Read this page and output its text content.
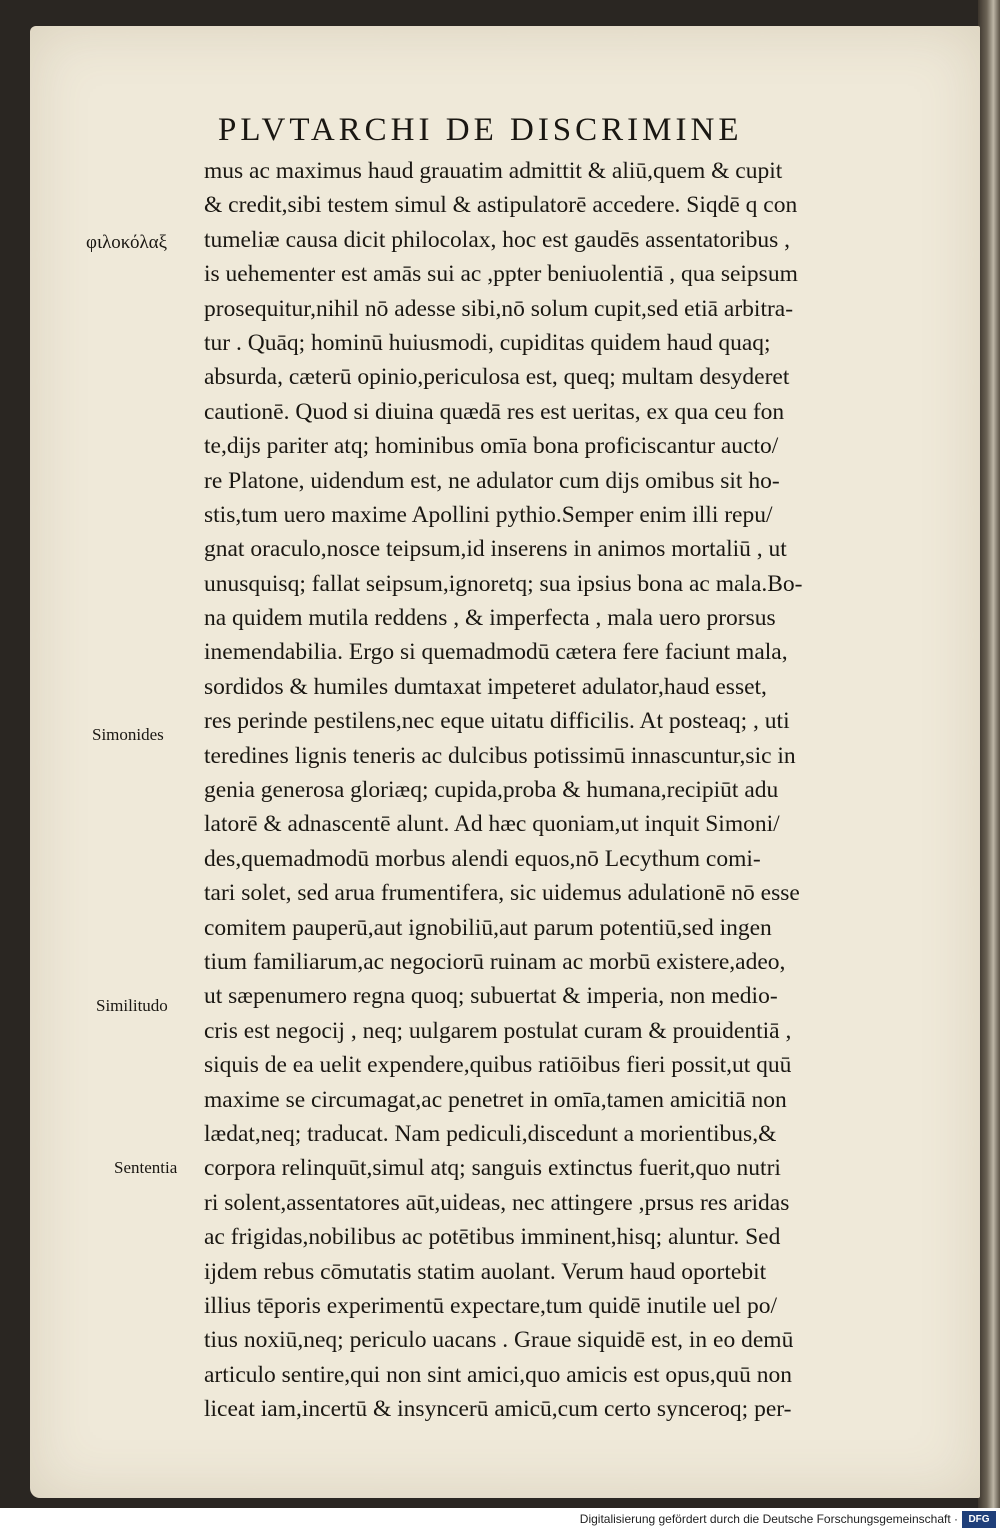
PLVTARCHI DE DISCRIMINE
φιλοκόλαξ
Simonides
Similitudo
Sententia
mus ac maximus haud grauatim admittit & aliū,quem & cupit
& credit,sibi testem simul & astipulatorē accedere. Siqdē q con
tumeliæ causa dicit philocolax, hoc est gaudēs assentatoribus ,
is uehementer est amās sui ac ,ppter beniuolentiā , qua seipsum
prosequitur,nihil nō adesse sibi,nō solum cupit,sed etiā arbitra-
tur . Quāq; hominū huiusmodi, cupiditas quidem haud quaq;
absurda, cæterū opinio,periculosa est, queq; multam desyderet
cautionē. Quod si diuina quædā res est ueritas, ex qua ceu fon
te,dijs pariter atq; hominibus omīa bona proficiscantur aucto/
re Platone, uidendum est, ne adulator cum dijs omibus sit ho-
stis,tum uero maxime Apollini pythio.Semper enim illi repu/
gnat oraculo,nosce teipsum,id inserens in animos mortaliū , ut
unusquisq; fallat seipsum,ignoretq; sua ipsius bona ac mala.Bo-
na quidem mutila reddens , & imperfecta , mala uero prorsus
inemendabilia. Ergo si quemadmodū cætera fere faciunt mala,
sordidos & humiles dumtaxat impeteret adulator,haud esset,
res perinde pestilens,nec eque uitatu difficilis. At posteaq; , uti
teredines lignis teneris ac dulcibus potissimū innascuntur,sic in
genia generosa gloriæq; cupida,proba & humana,recipiūt adu
latorē & adnascentē alunt. Ad hæc quoniam,ut inquit Simoni/
des,quemadmodū morbus alendi equos,nō Lecythum comi-
tari solet, sed arua frumentifera, sic uidemus adulationē nō esse
comitem pauperū,aut ignobiliū,aut parum potentiū,sed ingen
tium familiarum,ac negociorū ruinam ac morbū existere,adeo,
ut sæpenumero regna quoq; subuertat & imperia, non medio-
cris est negocij , neq; uulgarem postulat curam & prouidentiā ,
siquis de ea uelit expendere,quibus ratiōibus fieri possit,ut quū
maxime se circumagat,ac penetret in omīa,tamen amicitiā non
lædat,neq; traducat. Nam pediculi,discedunt a morientibus,&
corpora relinquūt,simul atq; sanguis extinctus fuerit,quo nutri
ri solent,assentatores aūt,uideas, nec attingere ,prsus res aridas
ac frigidas,nobilibus ac potētibus imminent,hisq; aluntur. Sed
ijdem rebus cōmutatis statim auolant. Verum haud oportebit
illius tēporis experimentū expectare,tum quidē inutile uel po/
tius noxiū,neq; periculo uacans . Graue siquidē est, in eo demū
articulo sentire,qui non sint amici,quo amicis est opus,quū non
liceat iam,incertū & insyncerū amicū,cum certo synceroq; per-
Digitalisierung gefördert durch die Deutsche Forschungsgemeinschaft ·	DFG
